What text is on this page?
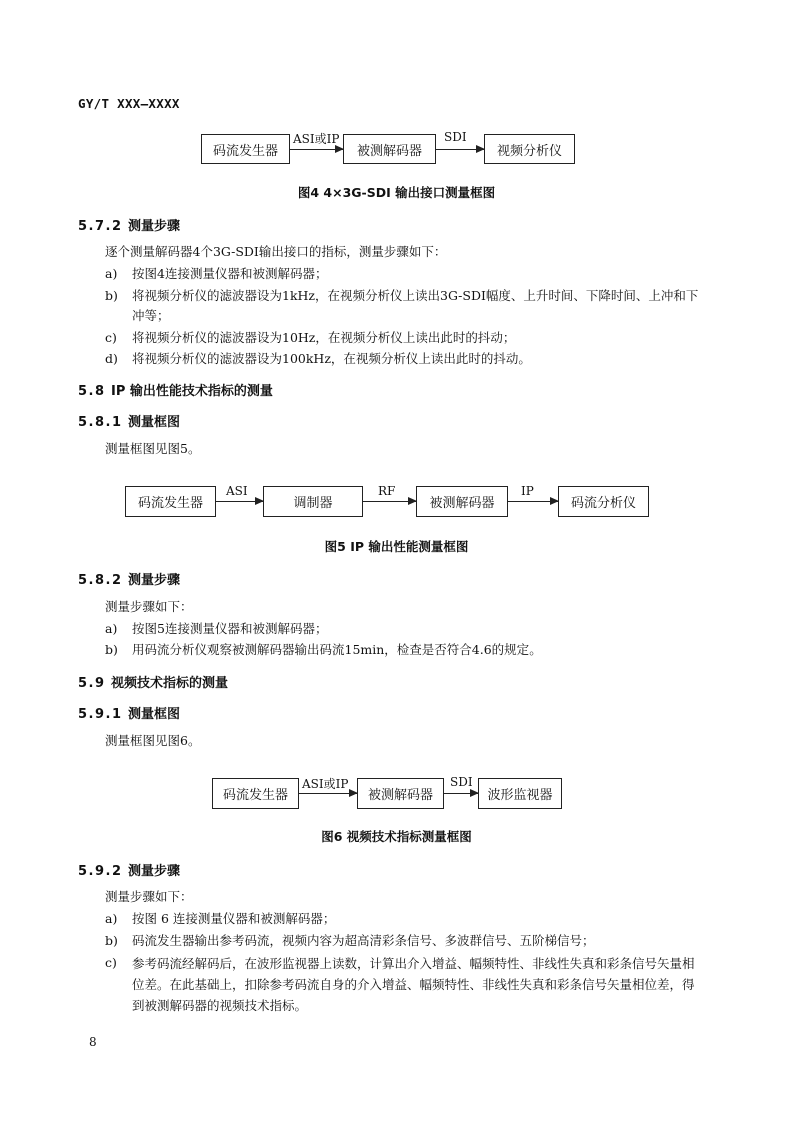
GY/T XXX—XXXX
码流发生器
ASI或IP
被测解码器
SDI
视频分析仪
图4 4×3G-SDI 输出接口测量框图
5.7.2 测量步骤
逐个测量解码器4个3G-SDI输出接口的指标，测量步骤如下：
a) 按图4连接测量仪器和被测解码器；
b) 将视频分析仪的滤波器设为1kHz，在视频分析仪上读出3G-SDI幅度、上升时间、下降时间、上冲和下冲等；
c) 将视频分析仪的滤波器设为10Hz，在视频分析仪上读出此时的抖动；
d) 将视频分析仪的滤波器设为100kHz，在视频分析仪上读出此时的抖动。
5.8 IP 输出性能技术指标的测量
5.8.1 测量框图
测量框图见图5。
码流发生器
ASI
调制器
RF
被测解码器
IP
码流分析仪
图5 IP 输出性能测量框图
5.8.2 测量步骤
测量步骤如下：
a) 按图5连接测量仪器和被测解码器；
b) 用码流分析仪观察被测解码器输出码流15min，检查是否符合4.6的规定。
5.9 视频技术指标的测量
5.9.1 测量框图
测量框图见图6。
码流发生器
ASI或IP
被测解码器
SDI
波形监视器
图6 视频技术指标测量框图
5.9.2 测量步骤
测量步骤如下：
a) 按图 6 连接测量仪器和被测解码器；
b) 码流发生器输出参考码流，视频内容为超高清彩条信号、多波群信号、五阶梯信号；
c) 参考码流经解码后，在波形监视器上读数，计算出介入增益、幅频特性、非线性失真和彩条信号矢量相位差。在此基础上，扣除参考码流自身的介入增益、幅频特性、非线性失真和彩条信号矢量相位差，得到被测解码器的视频技术指标。
8
